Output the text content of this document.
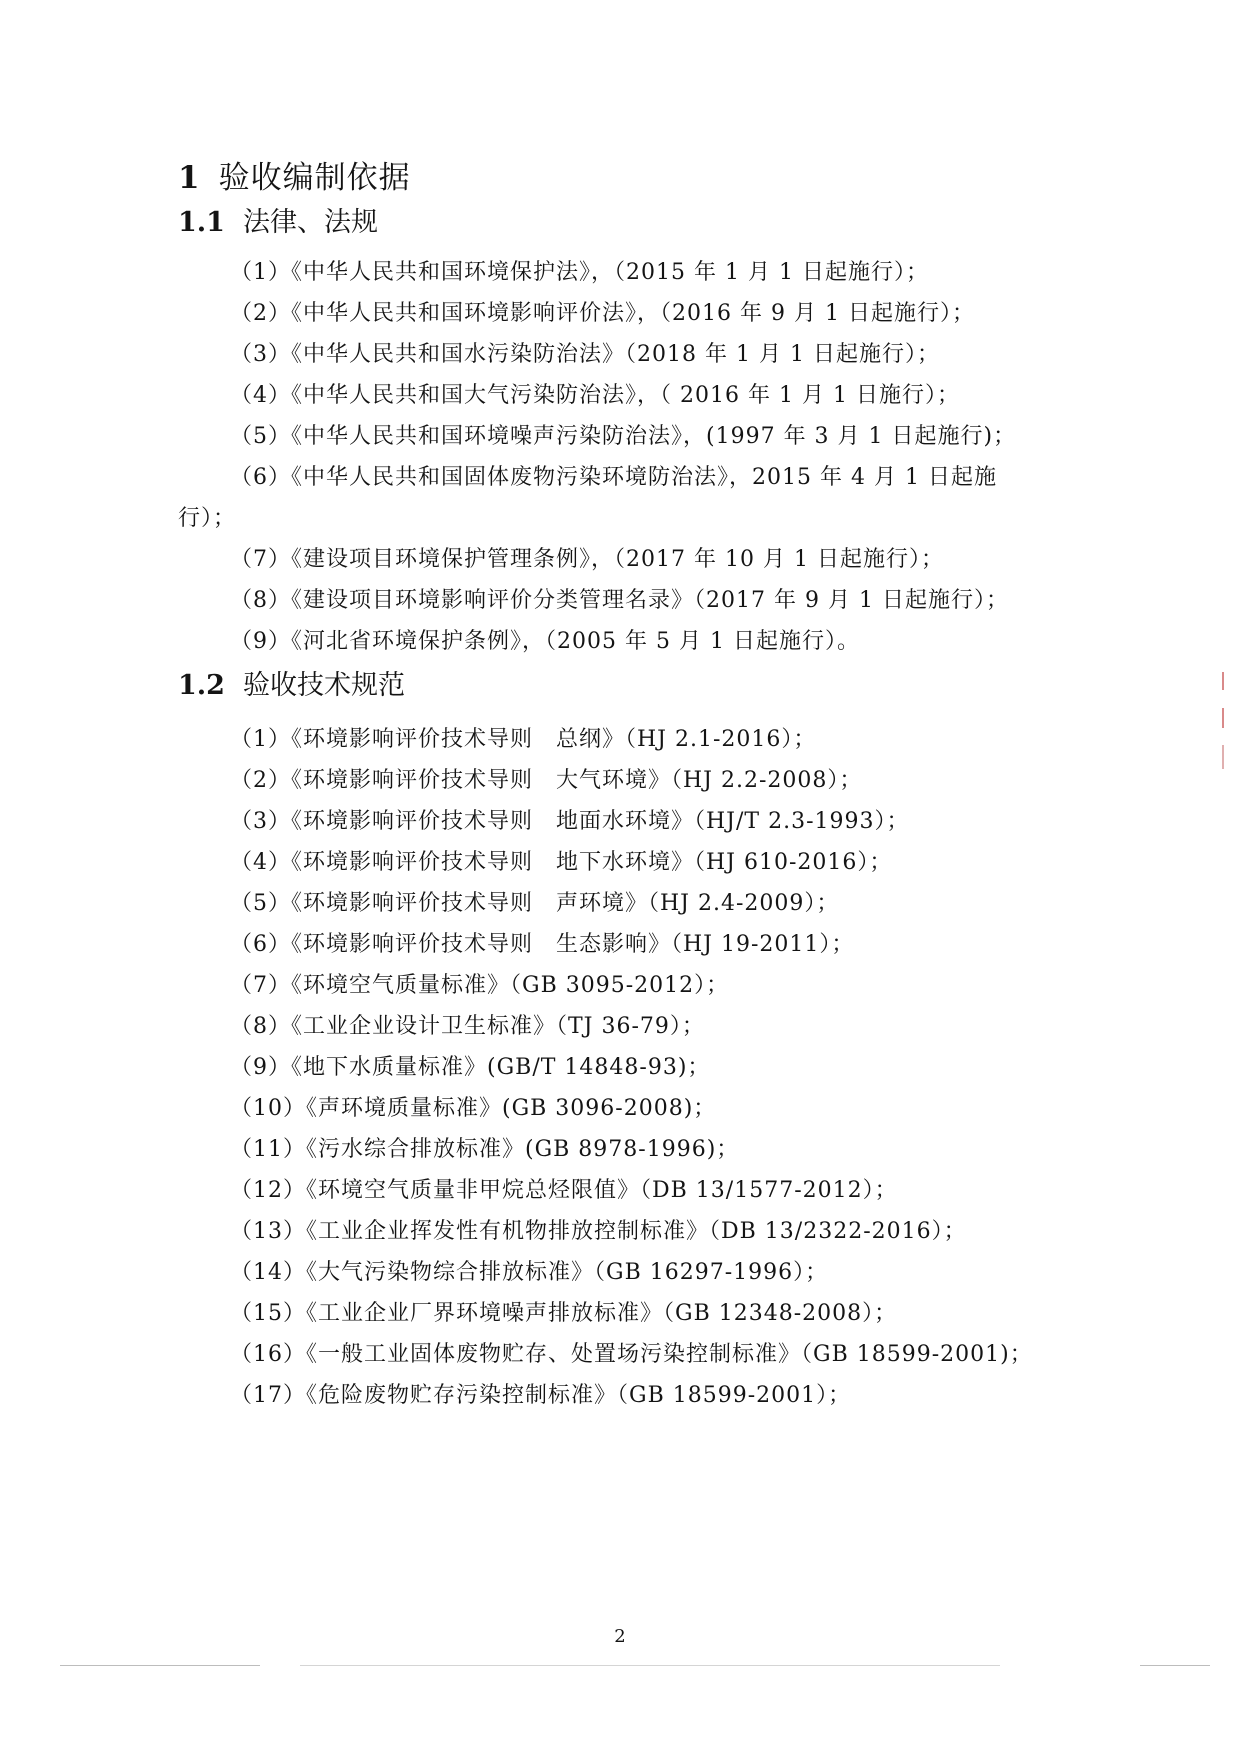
1 验收编制依据
1.1 法律、法规
（1）《中华人民共和国环境保护法》，（2015 年 1 月 1 日起施行）；
（2）《中华人民共和国环境影响评价法》，（2016 年 9 月 1 日起施行）；
（3）《中华人民共和国水污染防治法》（2018 年 1 月 1 日起施行）；
（4）《中华人民共和国大气污染防治法》，（ 2016 年 1 月 1 日施行）；
（5）《中华人民共和国环境噪声污染防治法》，(1997 年 3 月 1 日起施行)；
（6）《中华人民共和国固体废物污染环境防治法》，2015 年 4 月 1 日起施
行）；
（7）《建设项目环境保护管理条例》，（2017 年 10 月 1 日起施行）；
（8）《建设项目环境影响评价分类管理名录》（2017 年 9 月 1 日起施行）；
（9）《河北省环境保护条例》，（2005 年 5 月 1 日起施行）。
1.2 验收技术规范
（1）《环境影响评价技术导则　总纲》（HJ 2.1-2016）；
（2）《环境影响评价技术导则　大气环境》（HJ 2.2-2008）；
（3）《环境影响评价技术导则　地面水环境》（HJ/T 2.3-1993）；
（4）《环境影响评价技术导则　地下水环境》（HJ 610-2016）；
（5）《环境影响评价技术导则　声环境》（HJ 2.4-2009）；
（6）《环境影响评价技术导则　生态影响》（HJ 19-2011）；
（7）《环境空气质量标准》（GB 3095-2012）；
（8）《工业企业设计卫生标准》（TJ 36-79）；
（9）《地下水质量标准》(GB/T 14848-93)；
（10）《声环境质量标准》(GB 3096-2008)；
（11）《污水综合排放标准》(GB 8978-1996)；
（12）《环境空气质量非甲烷总烃限值》（DB 13/1577-2012）；
（13）《工业企业挥发性有机物排放控制标准》（DB 13/2322-2016）；
（14）《大气污染物综合排放标准》（GB 16297-1996）；
（15）《工业企业厂界环境噪声排放标准》（GB 12348-2008）；
（16）《一般工业固体废物贮存、处置场污染控制标准》（GB 18599-2001)；
（17）《危险废物贮存污染控制标准》（GB 18599-2001）；
2
